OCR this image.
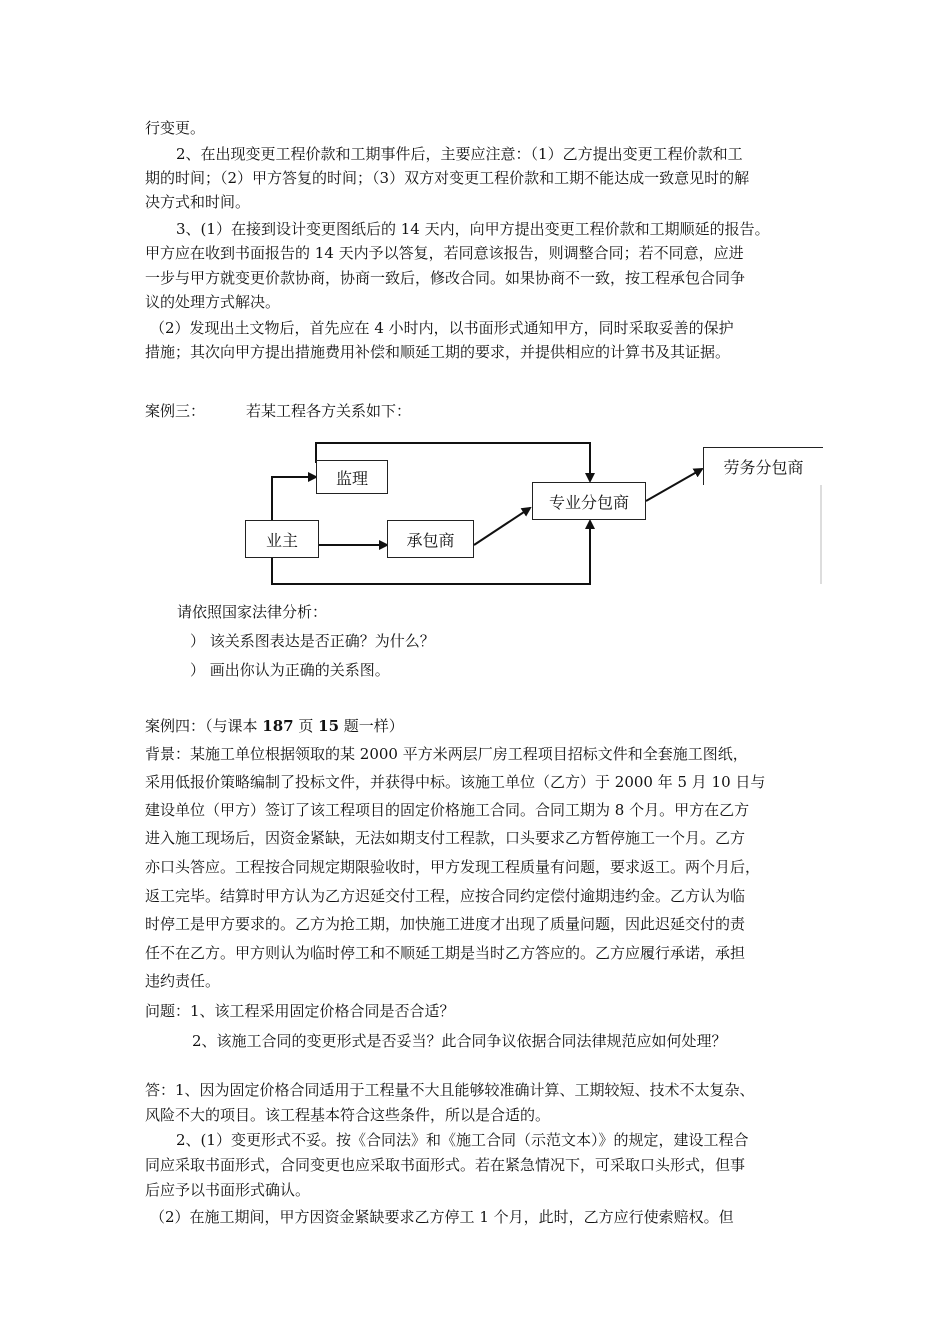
行变更。
2、在出现变更工程价款和工期事件后，主要应注意：（1）乙方提出变更工程价款和工
期的时间；（2）甲方答复的时间；（3）双方对变更工程价款和工期不能达成一致意见时的解
决方式和时间。
3、(1）在接到设计变更图纸后的 14 天内，向甲方提出变更工程价款和工期顺延的报告。
甲方应在收到书面报告的 14 天内予以答复，若同意该报告，则调整合同；若不同意，应进
一步与甲方就变更价款协商，协商一致后，修改合同。如果协商不一致，按工程承包合同争
议的处理方式解决。
（2）发现出土文物后，首先应在 4 小时内，以书面形式通知甲方，同时采取妥善的保护
措施；其次向甲方提出措施费用补偿和顺延工期的要求，并提供相应的计算书及其证据。
案例三：	若某工程各方关系如下：
监理
业主	承包商
专业分包商
劳务分包商
请依照国家法律分析：
） 该关系图表达是否正确？为什么？
） 画出你认为正确的关系图。
案例四：（与课本 187 页 15 题一样）
背景：某施工单位根据领取的某 2000 平方米两层厂房工程项目招标文件和全套施工图纸，
采用低报价策略编制了投标文件，并获得中标。该施工单位（乙方）于 2000 年 5 月 10 日与
建设单位（甲方）签订了该工程项目的固定价格施工合同。合同工期为 8 个月。甲方在乙方
进入施工现场后，因资金紧缺，无法如期支付工程款，口头要求乙方暂停施工一个月。乙方
亦口头答应。工程按合同规定期限验收时，甲方发现工程质量有问题，要求返工。两个月后，
返工完毕。结算时甲方认为乙方迟延交付工程，应按合同约定偿付逾期违约金。乙方认为临
时停工是甲方要求的。乙方为抢工期，加快施工进度才出现了质量问题，因此迟延交付的责
任不在乙方。甲方则认为临时停工和不顺延工期是当时乙方答应的。乙方应履行承诺，承担
违约责任。
问题：1、该工程采用固定价格合同是否合适？
2、该施工合同的变更形式是否妥当？此合同争议依据合同法律规范应如何处理？
答：1、因为固定价格合同适用于工程量不大且能够较准确计算、工期较短、技术不太复杂、
风险不大的项目。该工程基本符合这些条件，所以是合适的。
2、(1）变更形式不妥。按《合同法》和《施工合同（示范文本）》的规定，建设工程合
同应采取书面形式，合同变更也应采取书面形式。若在紧急情况下，可采取口头形式，但事
后应予以书面形式确认。
（2）在施工期间，甲方因资金紧缺要求乙方停工 1 个月，此时，乙方应行使索赔权。但
